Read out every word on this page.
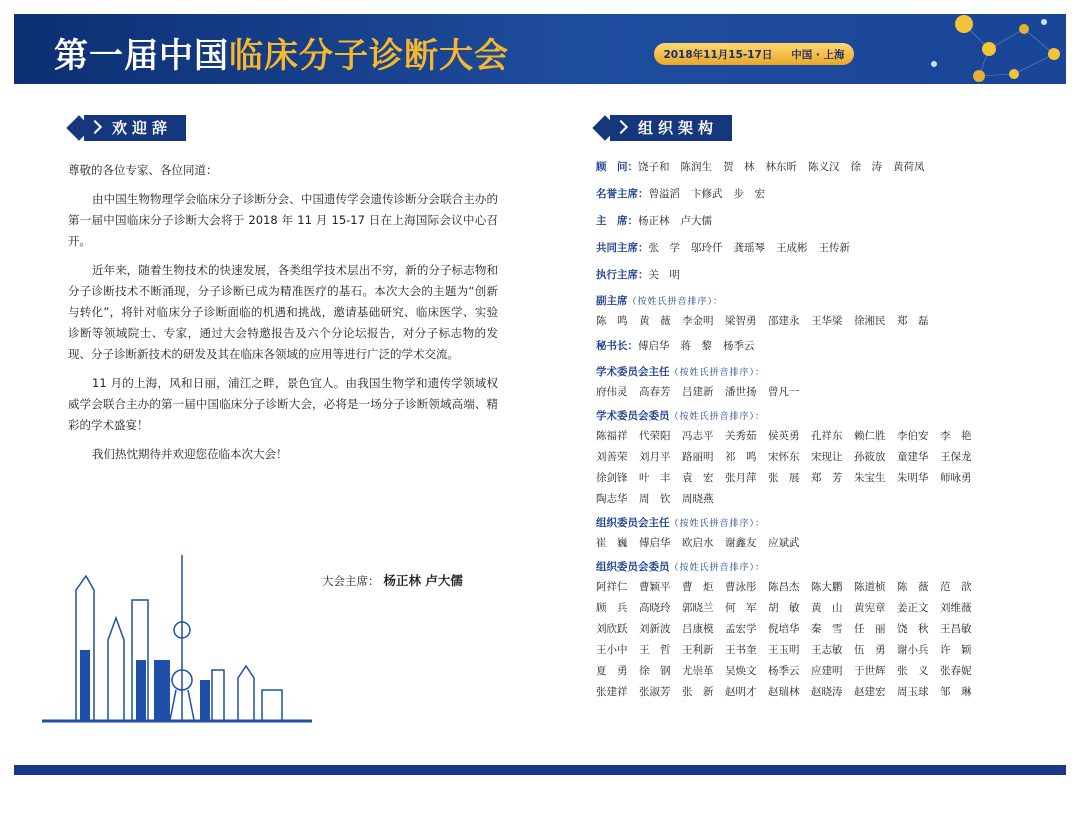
第一届中国临床分子诊断大会	2018年11月15-17日 中国 · 上海
欢迎辞

尊敬的各位专家、各位同道：

由中国生物物理学会临床分子诊断分会、中国遗传学会遗传诊断分会联合主办的第一届中国临床分子诊断大会将于 2018 年 11 月 15-17 日在上海国际会议中心召开。

近年来，随着生物技术的快速发展，各类组学技术层出不穷，新的分子标志物和分子诊断技术不断涌现，分子诊断已成为精准医疗的基石。本次大会的主题为“创新与转化”，将针对临床分子诊断面临的机遇和挑战，邀请基础研究、临床医学、实验诊断等领域院士、专家，通过大会特邀报告及六个分论坛报告，对分子标志物的发现、分子诊断新技术的研发及其在临床各领域的应用等进行广泛的学术交流。

11 月的上海，风和日丽，浦江之畔，景色宜人。由我国生物学和遗传学领域权威学会联合主办的第一届中国临床分子诊断大会，必将是一场分子诊断领域高端、精彩的学术盛宴！

我们热忱期待并欢迎您莅临本次大会！

大会主席： 杨正林 卢大儒
组织架构
顾　问： 饶子和 陈润生 贺　林 林东昕 陈义汉 徐　涛 黄荷凤
名誉主席： 曾溢滔 卞修武 步　宏
主　席： 杨正林 卢大儒
共同主席： 张　学 邬玲仟 龚瑶琴 王成彬 王传新
执行主席： 关　明
副主席（按姓氏拼音排序）：
陈　鸣	黄　薇	李金明	梁智勇	邵建永	王华梁	徐湘民	郑　磊
秘书长： 傅启华 蒋　黎 杨季云
学术委员会主任（按姓氏拼音排序）：
府伟灵	高春芳	吕建新	潘世扬	曾凡一
学术委员会委员（按姓氏拼音排序）：
陈福祥	代荣阳	冯志平	关秀茹	侯英勇	孔祥东	赖仁胜	李伯安	李　艳
刘善荣	刘月平	路丽明	祁　鸣	宋怀东	宋现让	孙筱放	童建华	王保龙
徐剑锋	叶　丰	袁　宏	张月萍	张　展	郑　芳	朱宝生	朱明华	师咏勇
陶志华	周　钦	周晓燕
组织委员会主任（按姓氏拼音排序）：
崔　巍	傅启华	欧启水	谢鑫友	应斌武
组织委员会委员（按姓氏拼音排序）：
阿祥仁	曹颖平	曹　炬	曹泳彤	陈昌杰	陈大鹏	陈道桢	陈　薇	范　歆
顾　兵	高晓玲	郭晓兰	何　军	胡　敏	黄　山	黄宪章	姜正文	刘维薇
刘欣跃	刘新波	吕康模	孟宏学	倪培华	秦　雪	任　丽	饶　秋	王昌敏
王小中	王　哲	王利新	王书奎	王玉明	王志敏	伍　勇	谢小兵	许　颖
夏　勇	徐　钢	尤崇革	吴焕文	杨季云	应建明	于世辉	张　义	张春妮
张建祥	张淑芳	张　新	赵明才	赵瑞林	赵晓涛	赵建宏	周玉球	邹　琳
